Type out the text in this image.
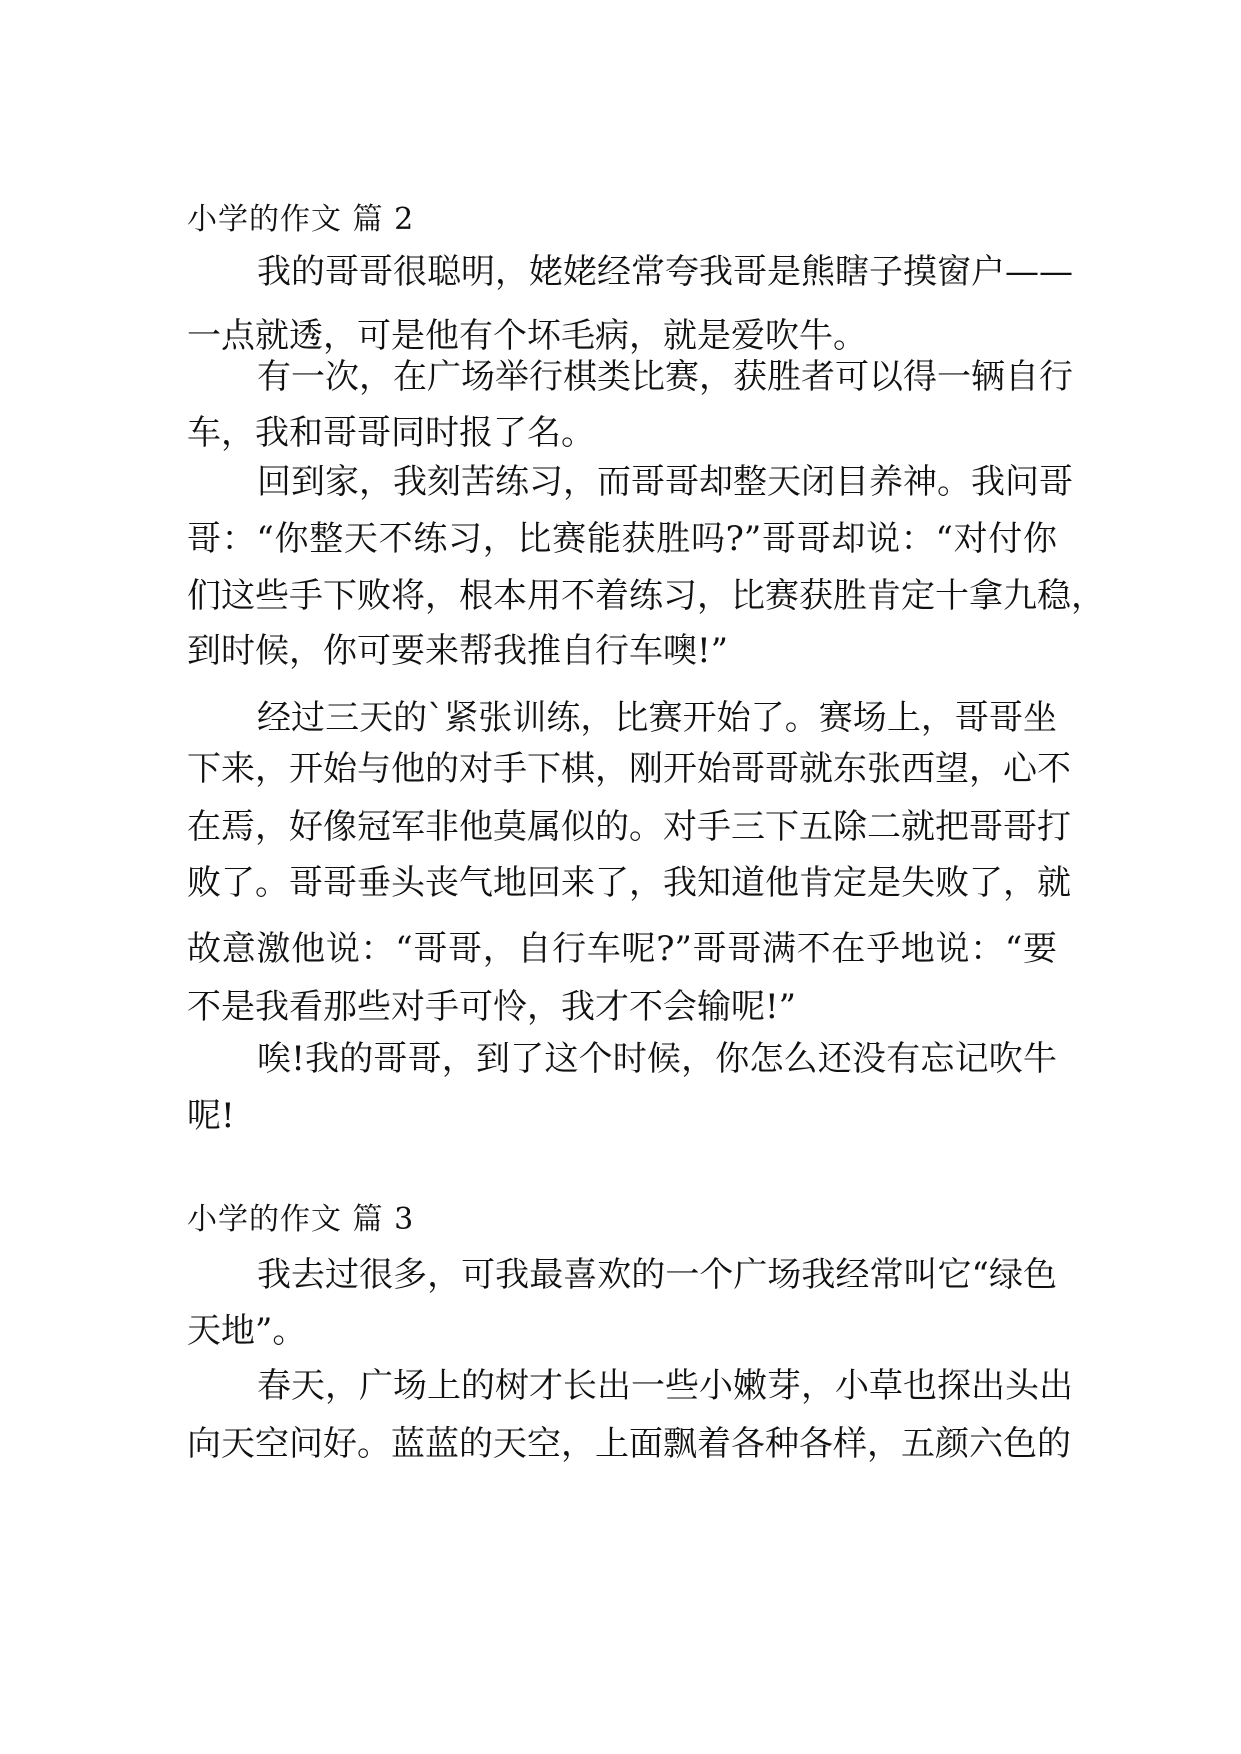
小学的作文 篇 2
我的哥哥很聪明，姥姥经常夸我哥是熊瞎子摸窗户——
一点就透，可是他有个坏毛病，就是爱吹牛。
有一次，在广场举行棋类比赛，获胜者可以得一辆自行
车，我和哥哥同时报了名。
回到家，我刻苦练习，而哥哥却整天闭目养神。我问哥
哥：“你整天不练习，比赛能获胜吗?”哥哥却说：“对付你
们这些手下败将，根本用不着练习，比赛获胜肯定十拿九稳，
到时候，你可要来帮我推自行车噢!”
经过三天的`紧张训练，比赛开始了。赛场上，哥哥坐
下来，开始与他的对手下棋，刚开始哥哥就东张西望，心不
在焉，好像冠军非他莫属似的。对手三下五除二就把哥哥打
败了。哥哥垂头丧气地回来了，我知道他肯定是失败了，就
故意激他说：“哥哥，自行车呢?”哥哥满不在乎地说：“要
不是我看那些对手可怜，我才不会输呢!”
唉!我的哥哥，到了这个时候，你怎么还没有忘记吹牛
呢!
小学的作文 篇 3
我去过很多，可我最喜欢的一个广场我经常叫它“绿色
天地”。
春天，广场上的树才长出一些小嫩芽，小草也探出头出
向天空问好。蓝蓝的天空，上面飘着各种各样，五颜六色的
